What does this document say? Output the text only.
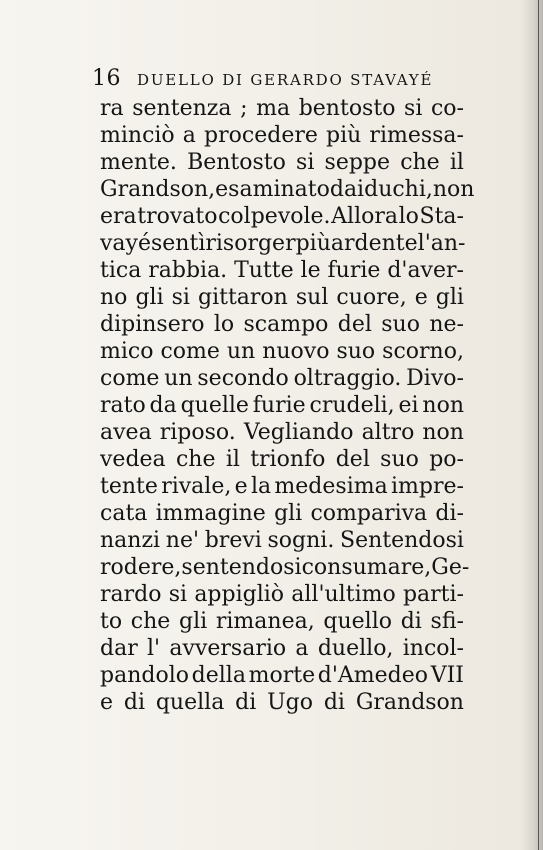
16 DUELLO DI GERARDO STAVAYÉ
ra sentenza ; ma bentosto si co-
minciò a procedere più rimessa-
mente. Bentosto si seppe che il
Grandson, esaminato dai duchi, non
era trovato colpevole. Allora lo Sta-
vayé sentì risorger più ardente l'an-
tica rabbia. Tutte le furie d'aver-
no gli si gittaron sul cuore, e gli
dipinsero lo scampo del suo ne-
mico come un nuovo suo scorno,
come un secondo oltraggio. Divo-
rato da quelle furie crudeli, ei non
avea riposo. Vegliando altro non
vedea che il trionfo del suo po-
tente rivale, e la medesima impre-
cata immagine gli compariva di-
nanzi ne' brevi sogni. Sentendosi
rodere, sentendosi consumare, Ge-
rardo si appigliò all'ultimo parti-
to che gli rimanea, quello di sfi-
dar l' avversario a duello, incol-
pandolo della morte d'Amedeo VII
e di quella di Ugo di Grandson
